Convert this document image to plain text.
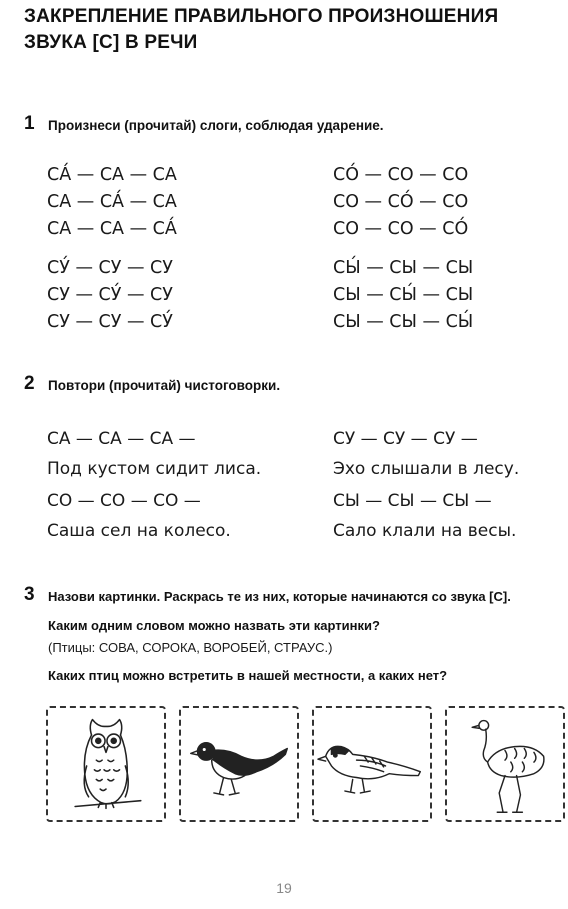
ЗАКРЕПЛЕНИЕ ПРАВИЛЬНОГО ПРОИЗНОШЕНИЯ
ЗВУКА [С] В РЕЧИ
1 Произнеси (прочитай) слоги, соблюдая ударение.
СА́ — СА — СА
СА — СА́ — СА
СА — СА — СА́
СУ́ — СУ — СУ
СУ — СУ́ — СУ
СУ — СУ — СУ́
СО́ — СО — СО
СО — СО́ — СО
СО — СО — СО́
СЫ́ — СЫ — СЫ
СЫ — СЫ́ — СЫ
СЫ — СЫ — СЫ́
2 Повтори (прочитай) чистоговорки.
СА — СА — СА —
Под кустом сидит лиса.
СУ — СУ — СУ —
Эхо слышали в лесу.
СО — СО — СО —
Саша сел на колесо.
СЫ — СЫ — СЫ —
Сало клали на весы.
3 Назови картинки. Раскрась те из них, которые начинаются со звука [С].
Каким одним словом можно назвать эти картинки?
(Птицы: СОВА, СОРОКА, ВОРОБЕЙ, СТРАУС.)
Каких птиц можно встретить в нашей местности, а каких нет?
19
